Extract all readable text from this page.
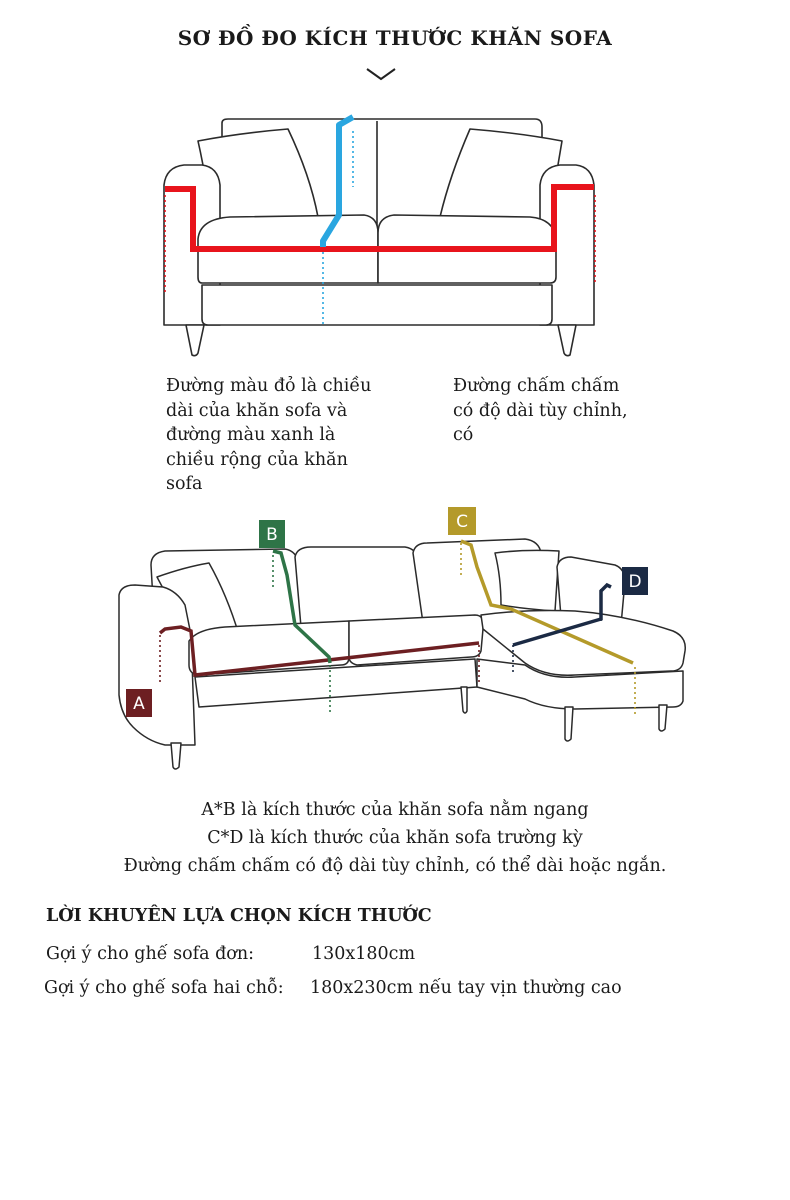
SƠ ĐỒ ĐO KÍCH THƯỚC KHĂN SOFA
Đường màu đỏ là chiều dài của khăn sofa và đường màu xanh là chiều rộng của khăn sofa
Đường chấm chấm có độ dài tùy chỉnh, có
A
B
C
D
A*B là kích thước của khăn sofa nằm ngang
C*D là kích thước của khăn sofa trường kỳ
Đường chấm chấm có độ dài tùy chỉnh, có thể dài hoặc ngắn.
LỜI KHUYÊN LỰA CHỌN KÍCH THƯỚC
Gợi ý cho ghế sofa đơn:	130x180cm
Gợi ý cho ghế sofa hai chỗ: 180x230cm nếu tay vịn thường cao
